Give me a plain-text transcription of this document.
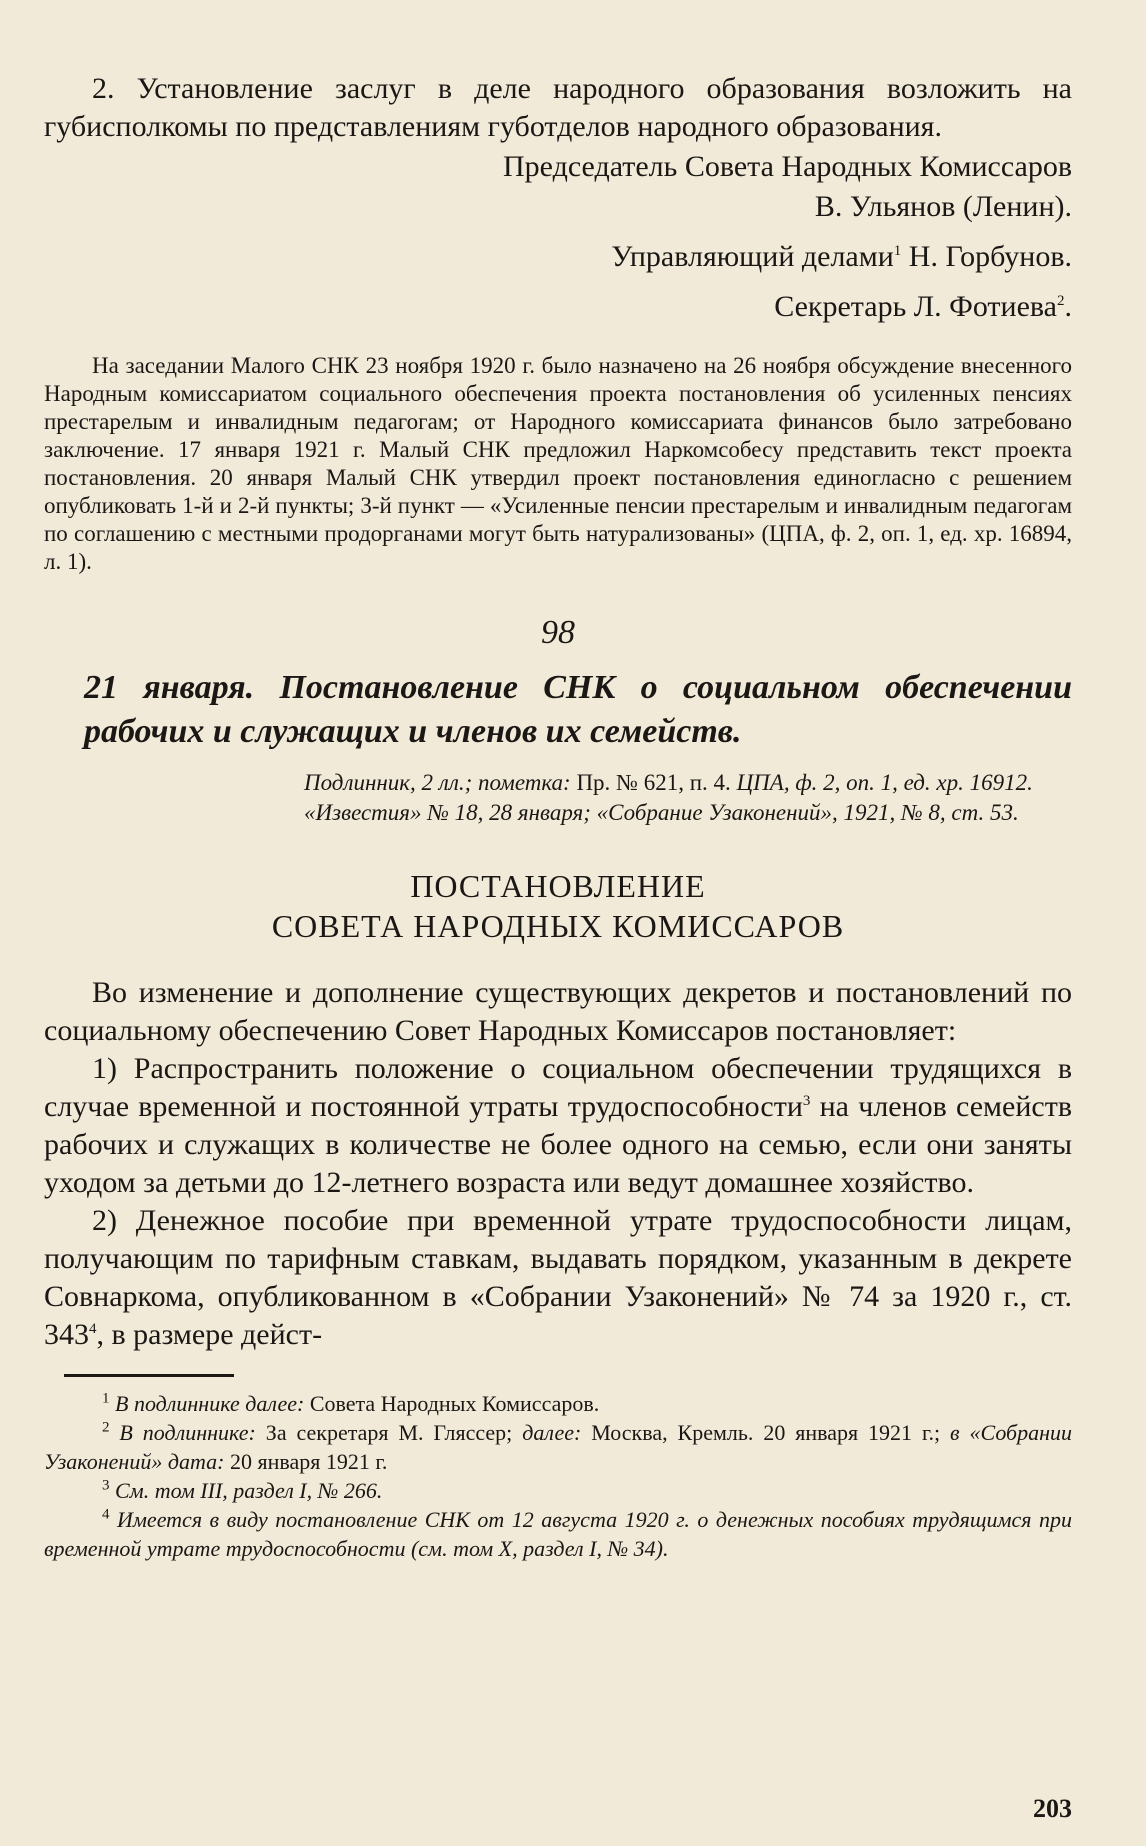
2. Установление заслуг в деле народного образования возложить на губисполкомы по представлениям губотделов народного образования.

Председатель Совета Народных Комиссаров

В. Ульянов (Ленин).

Управляющий делами$^1$ Н. Горбунов.

Секретарь Л. Фотиева$^2$.

На заседании Малого СНК 23 ноября 1920 г. было назначено на 26 ноября обсуждение внесенного Народным комиссариатом социального обеспечения проекта постановления об усиленных пенсиях престарелым и инвалидным педагогам; от Народного комиссариата финансов было затребовано заключение. 17 января 1921 г. Малый СНК предложил Наркомсобесу представить текст проекта постановления. 20 января Малый СНК утвердил проект постановления единогласно с решением опубликовать 1-й и 2-й пункты; 3-й пункт — «Усиленные пенсии престарелым и инвалидным педагогам по соглашению с местными продорганами могут быть натурализованы» (ЦПА, ф. 2, оп. 1, ед. хр. 16894, л. 1).

98

21 января. Постановление СНК о социальном обеспечении рабочих и служащих и членов их семейств.

Подлинник, 2 лл.; пометка: Пр. № 621, п. 4. ЦПА, ф. 2, оп. 1, ед. хр. 16912.

«Известия» № 18, 28 января; «Собрание Узаконений», 1921, № 8, ст. 53.

ПОСТАНОВЛЕНИЕ
СОВЕТА НАРОДНЫХ КОМИССАРОВ

Во изменение и дополнение существующих декретов и постановлений по социальному обеспечению Совет Народных Комиссаров постановляет:

1) Распространить положение о социальном обеспечении трудящихся в случае временной и постоянной утраты трудоспособности$^3$ на членов семейств рабочих и служащих в количестве не более одного на семью, если они заняты уходом за детьми до 12-летнего возраста или ведут домашнее хозяйство.

2) Денежное пособие при временной утрате трудоспособности лицам, получающим по тарифным ставкам, выдавать порядком, указанным в декрете Совнаркома, опубликованном в «Собрании Узаконений» № 74 за 1920 г., ст. $343^4$, в размере дейст-

$^1$ В подлиннике далее: Совета Народных Комиссаров.

$^2$ В подлиннике: За секретаря М. Гляссер; далее: Москва, Кремль. 20 января 1921 г.; в «Собрании Узаконений» дата: 20 января 1921 г.

$^3$ См. том III, раздел I, № 266.

$^4$ Имеется в виду постановление СНК от 12 августа 1920 г. о денежных пособиях трудящимся при временной утрате трудоспособности (см. том X, раздел I, № 34).

203
